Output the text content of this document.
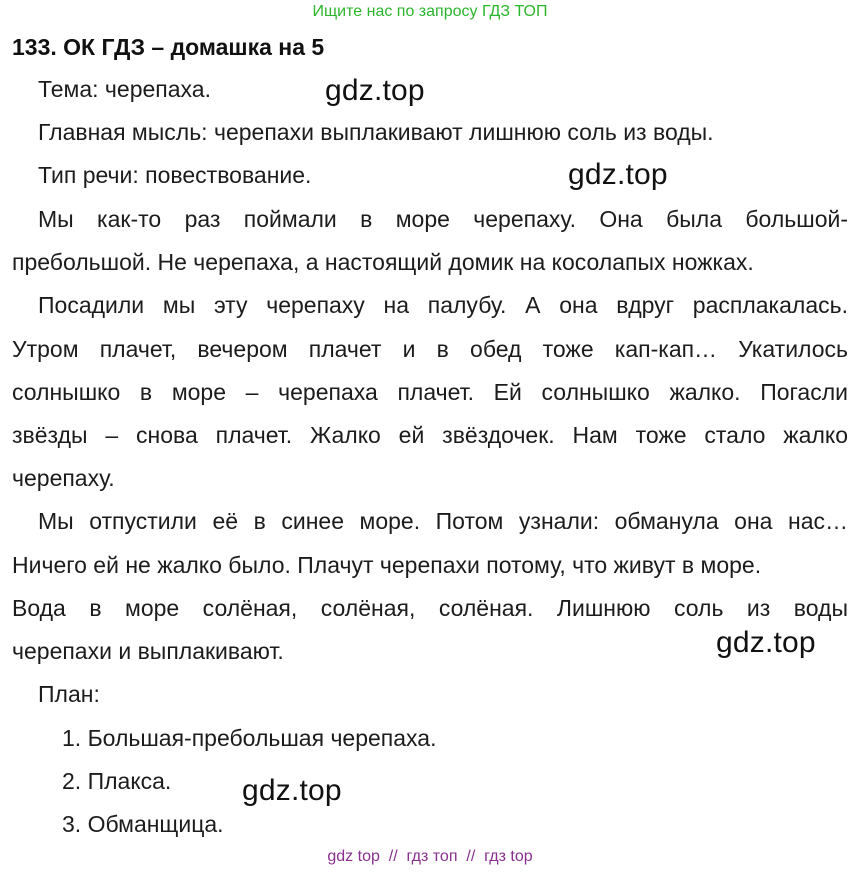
Ищите нас по запросу ГДЗ ТОП
133. ОК ГДЗ – домашка на 5
Тема: черепаха.
Главная мысль: черепахи выплакивают лишнюю соль из воды.
Тип речи: повествование.
Мы как-то раз поймали в море черепаху. Она была большой-
пребольшой. Не черепаха, а настоящий домик на косолапых ножках.
Посадили мы эту черепаху на палубу. А она вдруг расплакалась.
Утром плачет, вечером плачет и в обед тоже кап-кап… Укатилось
солнышко в море – черепаха плачет. Ей солнышко жалко. Погасли
звёзды – снова плачет. Жалко ей звёздочек. Нам тоже стало жалко
черепаху.
Мы отпустили её в синее море. Потом узнали: обманула она нас…
Ничего ей не жалко было. Плачут черепахи потому, что живут в море.
Вода в море солёная, солёная, солёная. Лишнюю соль из воды
черепахи и выплакивают.
План:
1. Большая-пребольшая черепаха.
2. Плакса.
3. Обманщица.
gdz.top
gdz.top
gdz.top
gdz.top
gdz top  //  гдз топ  //  гдз top
